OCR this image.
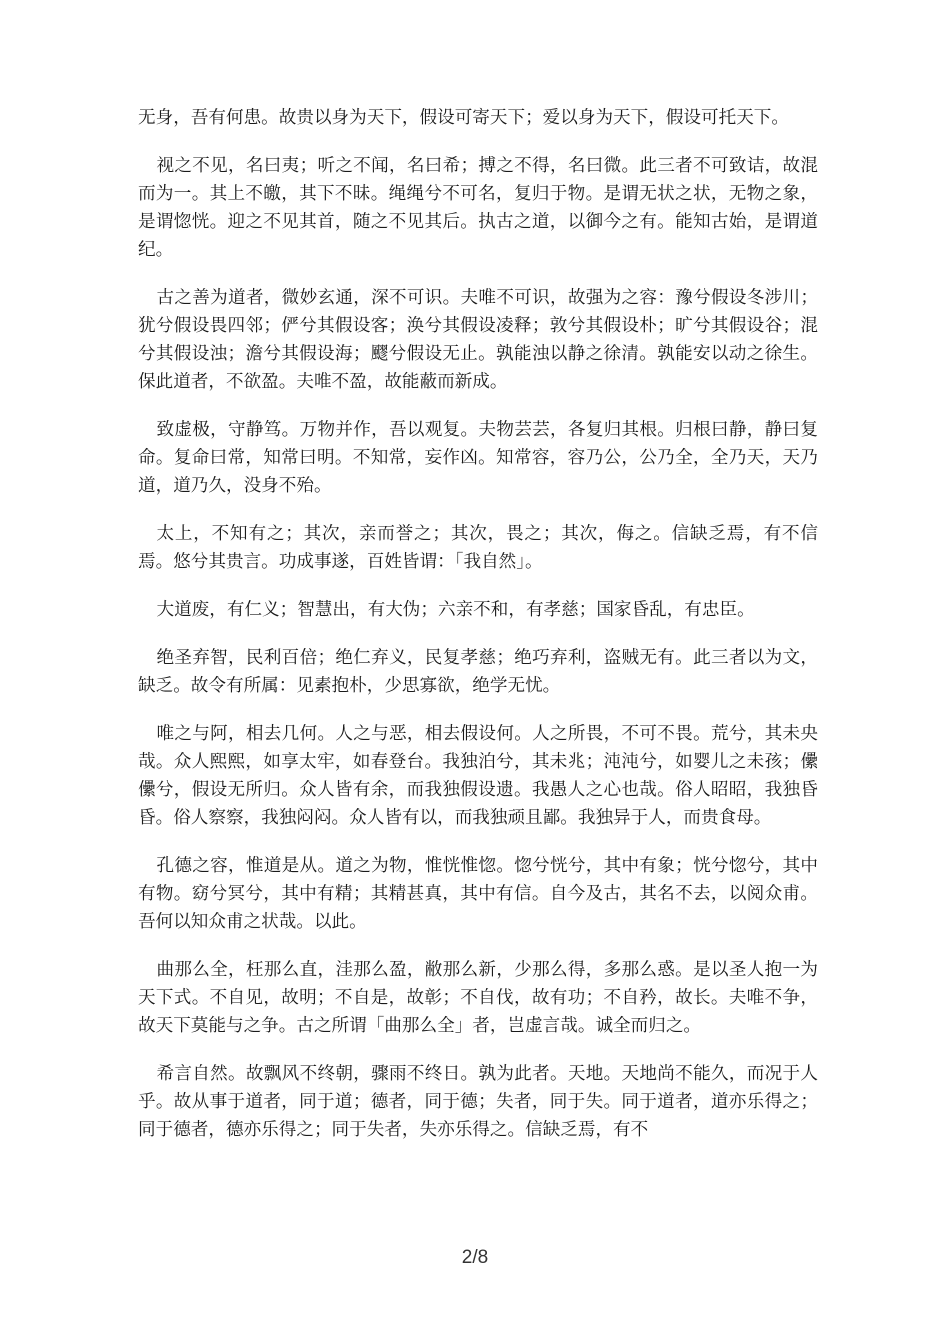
无身，吾有何患。故贵以身为天下，假设可寄天下；爱以身为天下，假设可托天下。

视之不见，名曰夷；听之不闻，名曰希；搏之不得，名曰微。此三者不可致诘，故混而为一。其上不皦，其下不昧。绳绳兮不可名，复归于物。是谓无状之状，无物之象，是谓惚恍。迎之不见其首，随之不见其后。执古之道，以御今之有。能知古始，是谓道纪。

古之善为道者，微妙玄通，深不可识。夫唯不可识，故强为之容：豫兮假设冬涉川；犹兮假设畏四邻；俨兮其假设客；涣兮其假设凌释；敦兮其假设朴；旷兮其假设谷；混兮其假设浊；澹兮其假设海；飂兮假设无止。孰能浊以静之徐清。孰能安以动之徐生。保此道者，不欲盈。夫唯不盈，故能蔽而新成。

致虚极，守静笃。万物并作，吾以观复。夫物芸芸，各复归其根。归根曰静，静曰复命。复命曰常，知常曰明。不知常，妄作凶。知常容，容乃公，公乃全，全乃天，天乃道，道乃久，没身不殆。

太上，不知有之；其次，亲而誉之；其次，畏之；其次，侮之。信缺乏焉，有不信焉。悠兮其贵言。功成事遂，百姓皆谓：「我自然」。

大道废，有仁义；智慧出，有大伪；六亲不和，有孝慈；国家昏乱，有忠臣。

绝圣弃智，民利百倍；绝仁弃义，民复孝慈；绝巧弃利，盗贼无有。此三者以为文，缺乏。故令有所属：见素抱朴，少思寡欲，绝学无忧。

唯之与阿，相去几何。人之与恶，相去假设何。人之所畏，不可不畏。荒兮，其未央哉。众人熙熙，如享太牢，如春登台。我独泊兮，其未兆；沌沌兮，如婴儿之未孩；儽儽兮，假设无所归。众人皆有余，而我独假设遗。我愚人之心也哉。俗人昭昭，我独昏昏。俗人察察，我独闷闷。众人皆有以，而我独顽且鄙。我独异于人，而贵食母。

孔德之容，惟道是从。道之为物，惟恍惟惚。惚兮恍兮，其中有象；恍兮惚兮，其中有物。窈兮冥兮，其中有精；其精甚真，其中有信。自今及古，其名不去，以阅众甫。吾何以知众甫之状哉。以此。

曲那么全，枉那么直，洼那么盈，敝那么新，少那么得，多那么惑。是以圣人抱一为天下式。不自见，故明；不自是，故彰；不自伐，故有功；不自矜，故长。夫唯不争，故天下莫能与之争。古之所谓「曲那么全」者，岂虚言哉。诚全而归之。

希言自然。故飘风不终朝，骤雨不终日。孰为此者。天地。天地尚不能久，而况于人乎。故从事于道者，同于道；德者，同于德；失者，同于失。同于道者，道亦乐得之；同于德者，德亦乐得之；同于失者，失亦乐得之。信缺乏焉，有不

2/8
